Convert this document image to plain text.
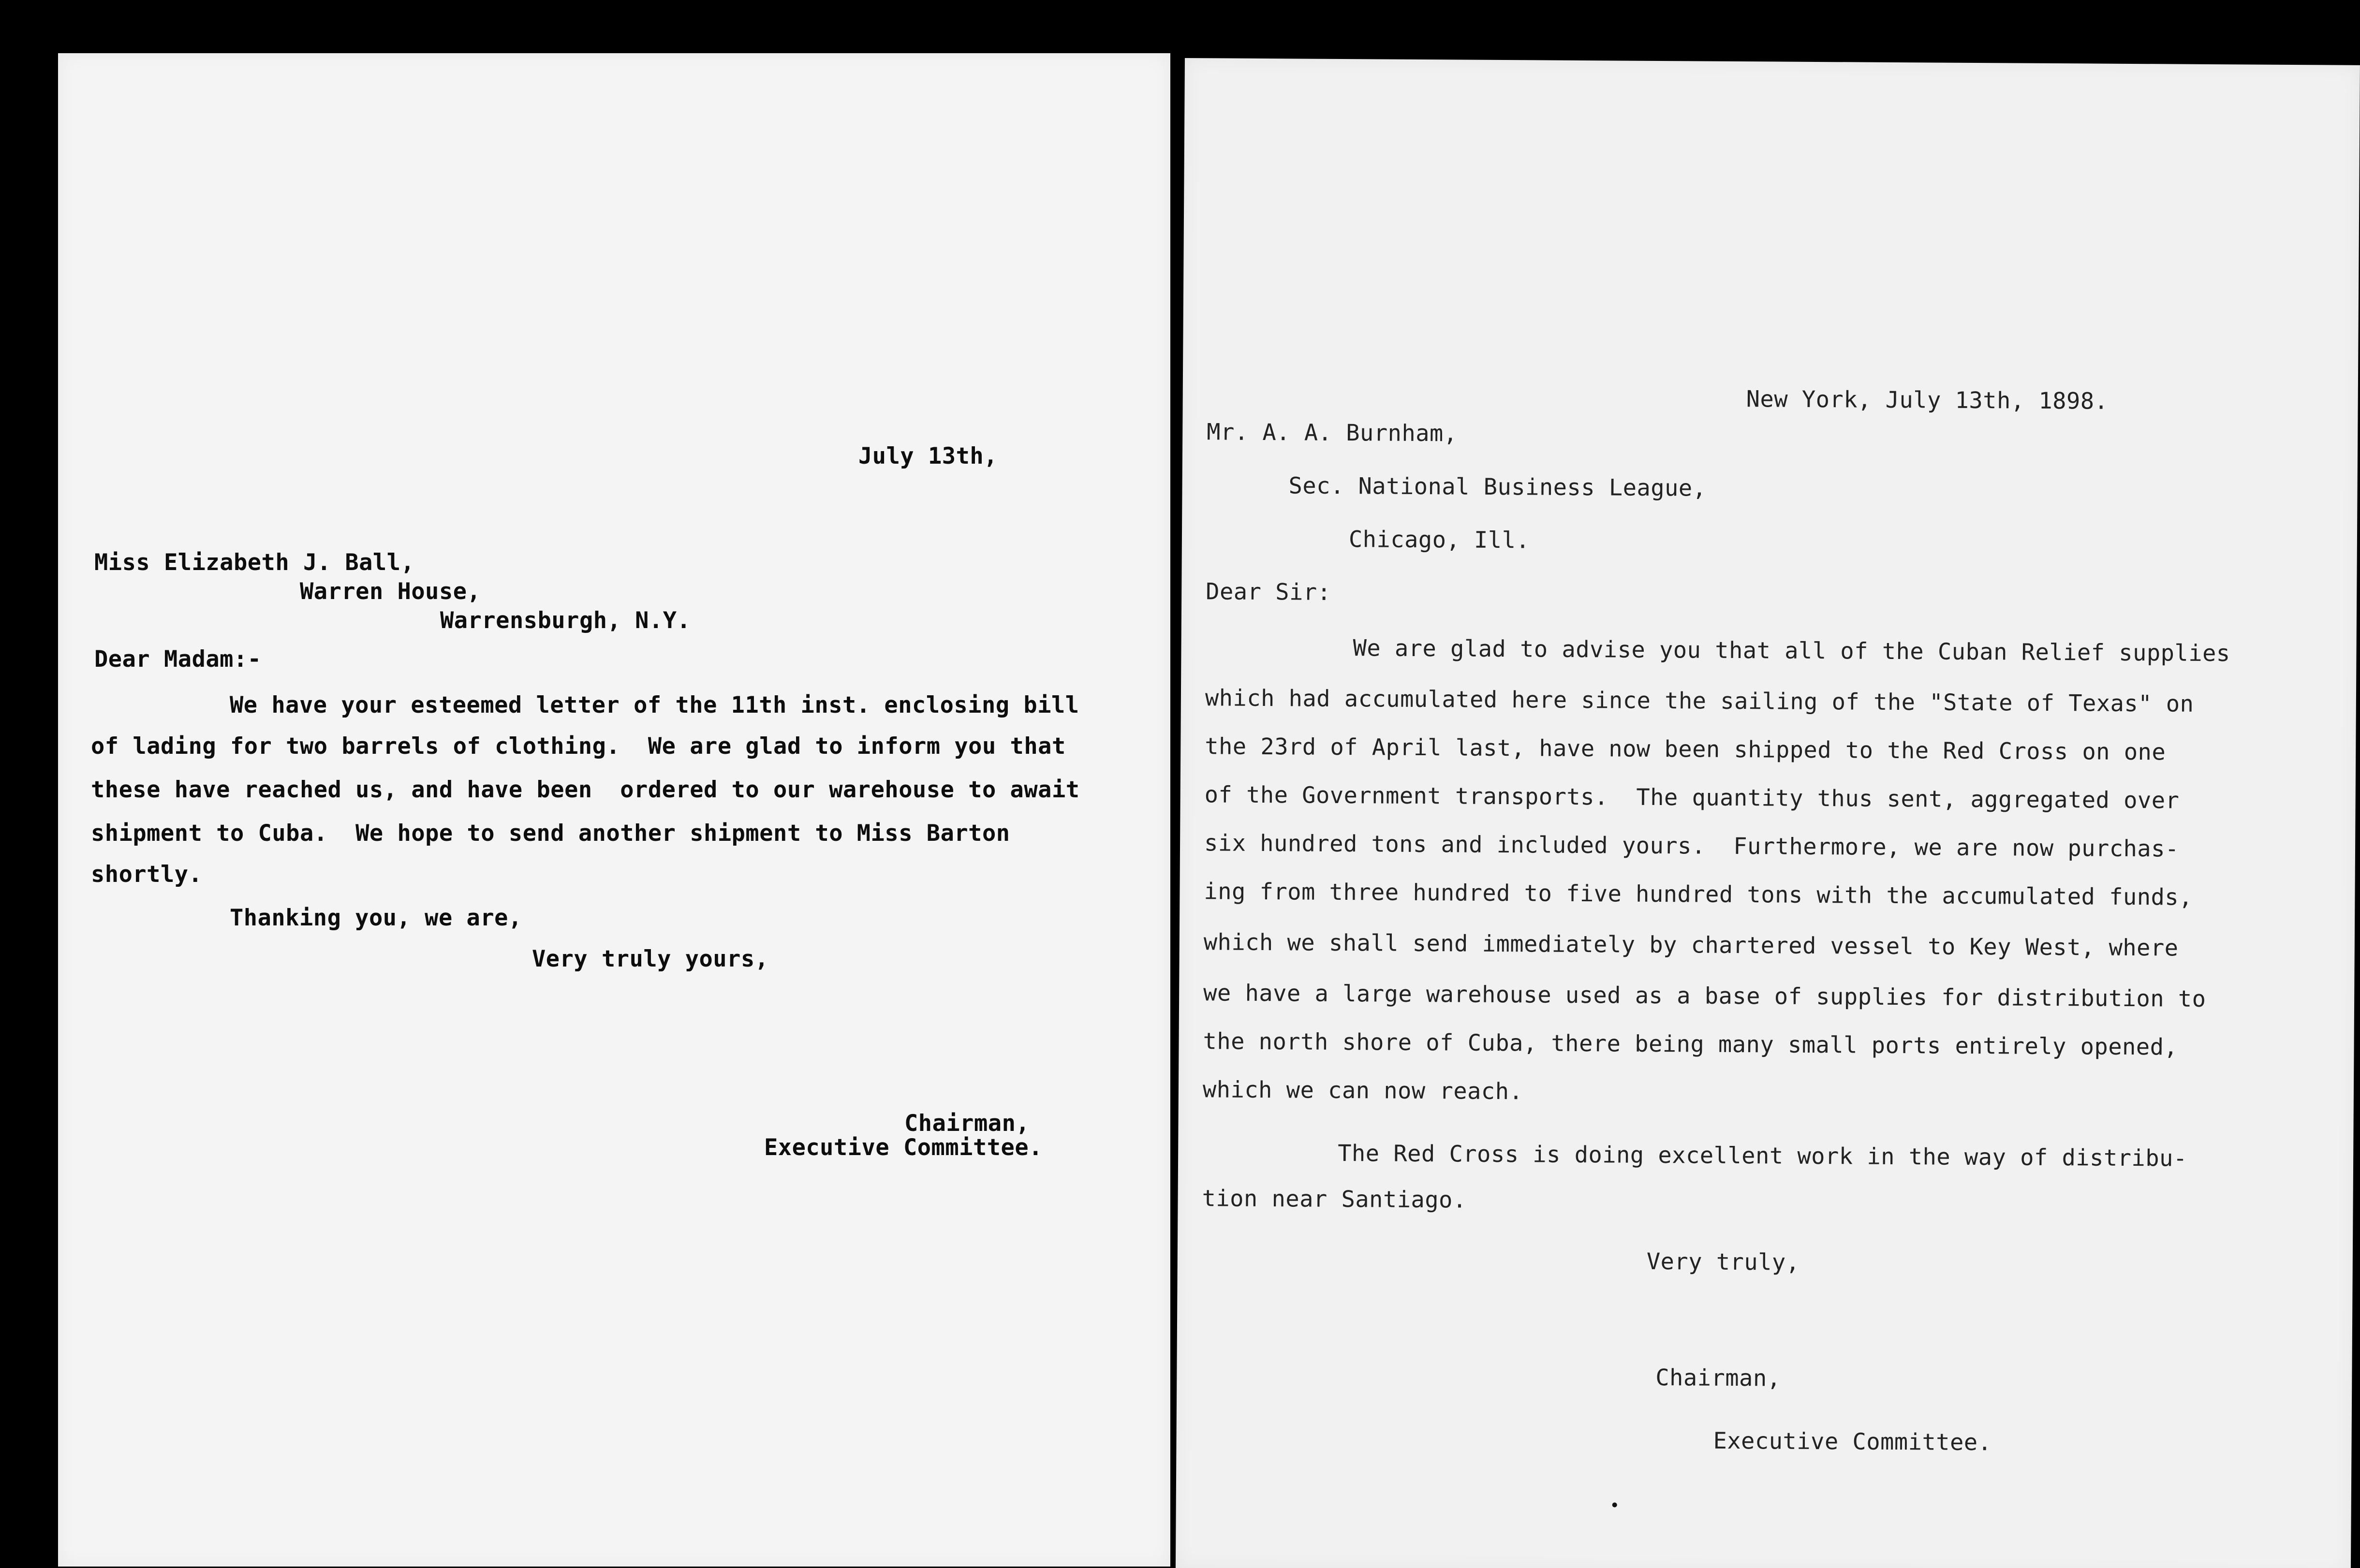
July 13th,
Miss Elizabeth J. Ball,
Warren House,
Warrensburgh, N.Y.
Dear Madam:-
We have your esteemed letter of the 11th inst. enclosing bill
of lading for two barrels of clothing.  We are glad to inform you that
these have reached us, and have been  ordered to our warehouse to await
shipment to Cuba.  We hope to send another shipment to Miss Barton
shortly.
Thanking you, we are,
Very truly yours,
Chairman,
Executive Committee.
New York, July 13th, 1898.
Mr. A. A. Burnham,
Sec. National Business League,
Chicago, Ill.
Dear Sir:
We are glad to advise you that all of the Cuban Relief supplies
which had accumulated here since the sailing of the "State of Texas" on
the 23rd of April last, have now been shipped to the Red Cross on one
of the Government transports.  The quantity thus sent, aggregated over
six hundred tons and included yours.  Furthermore, we are now purchas-
ing from three hundred to five hundred tons with the accumulated funds,
which we shall send immediately by chartered vessel to Key West, where
we have a large warehouse used as a base of supplies for distribution to
the north shore of Cuba, there being many small ports entirely opened,
which we can now reach.
The Red Cross is doing excellent work in the way of distribu-
tion near Santiago.
Very truly,
Chairman,
Executive Committee.
